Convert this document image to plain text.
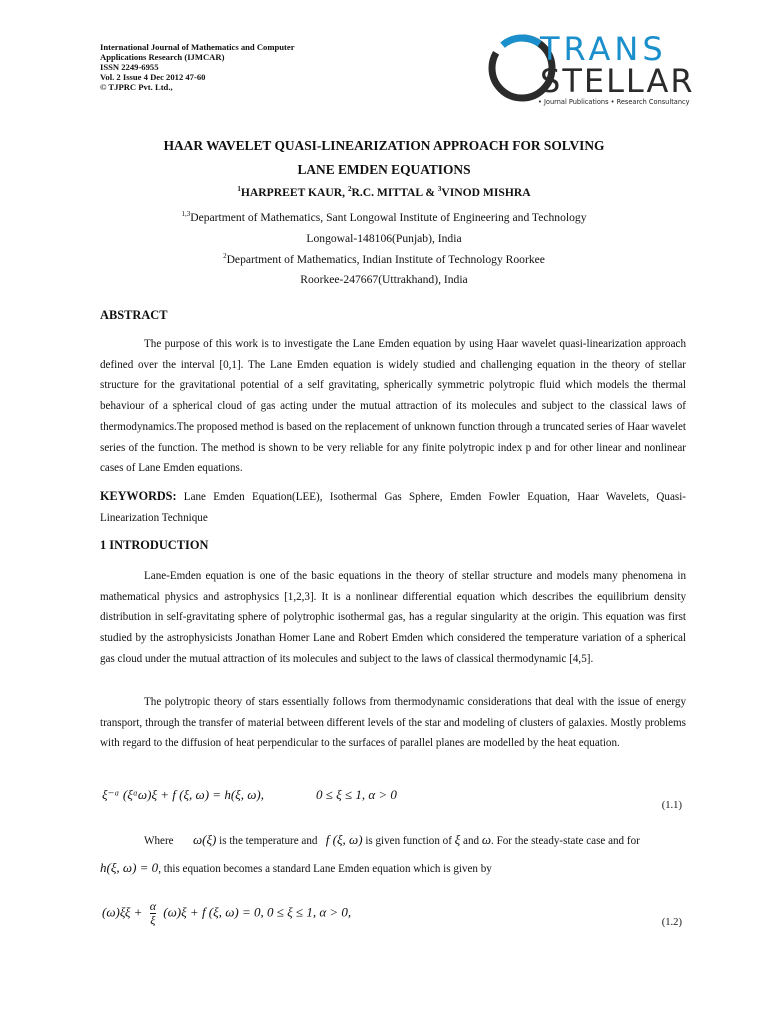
International Journal of Mathematics and Computer
Applications Research (IJMCAR)
ISSN 2249-6955
Vol. 2 Issue 4 Dec 2012 47-60
© TJPRC Pvt. Ltd.,
TRANS
STELLAR
• Journal Publications • Research Consultancy
HAAR WAVELET QUASI-LINEARIZATION APPROACH FOR SOLVING
LANE EMDEN EQUATIONS
$^1$HARPREET KAUR, $^2$R.C. MITTAL & $^3$VINOD MISHRA
$^{1,3}$Department of Mathematics, Sant Longowal Institute of Engineering and Technology
Longowal-148106(Punjab), India
$^2$Department of Mathematics, Indian Institute of Technology Roorkee
Roorkee-247667(Uttrakhand), India
ABSTRACT

The purpose of this work is to investigate the Lane Emden equation by using Haar wavelet quasi-linearization approach defined over the interval [0,1]. The Lane Emden equation is widely studied and challenging equation in the theory of stellar structure for the gravitational potential of a self gravitating, spherically symmetric polytropic fluid which models the thermal behaviour of a spherical cloud of gas acting under the mutual attraction of its molecules and subject to the classical laws of thermodynamics.The proposed method is based on the replacement of unknown function through a truncated series of Haar wavelet series of the function. The method is shown to be very reliable for any finite polytropic index p and for other linear and nonlinear cases of Lane Emden equations.

KEYWORDS: Lane Emden Equation(LEE), Isothermal Gas Sphere, Emden Fowler Equation, Haar Wavelets, Quasi-Linearization Technique
1 INTRODUCTION

Lane-Emden equation is one of the basic equations in the theory of stellar structure and models many phenomena in mathematical physics and astrophysics [1,2,3]. It is a nonlinear differential equation which describes the equilibrium density distribution in self-gravitating sphere of polytrophic isothermal gas, has a regular singularity at the origin. This equation was first studied by the astrophysicists Jonathan Homer Lane and Robert Emden which considered the temperature variation of a spherical gas cloud under the mutual attraction of its molecules and subject to the laws of classical thermodynamic [4,5].

The polytropic theory of stars essentially follows from thermodynamic considerations that deal with the issue of energy transport, through the transfer of material between different levels of the star and modeling of clusters of galaxies. Mostly problems with regard to the diffusion of heat perpendicular to the surfaces of parallel planes are modelled by the heat equation.

ξ⁻ᵅ (ξᵅω)ξ + f (ξ, ω) = h(ξ, ω),	0 ≤ ξ ≤ 1, α > 0
(1.1)
Where ω(ξ) is the temperature and f (ξ, ω) is given function of ξ and ω. For the steady-state case and for
h(ξ, ω) = 0, this equation becomes a standard Lane Emden equation which is given by
$(\omega)\xi\xi + \frac{\alpha}{\xi} (\omega)\xi + f$ (ξ, ω) = 0, 0 ≤ ξ ≤ 1, α > 0,
(1.2)
